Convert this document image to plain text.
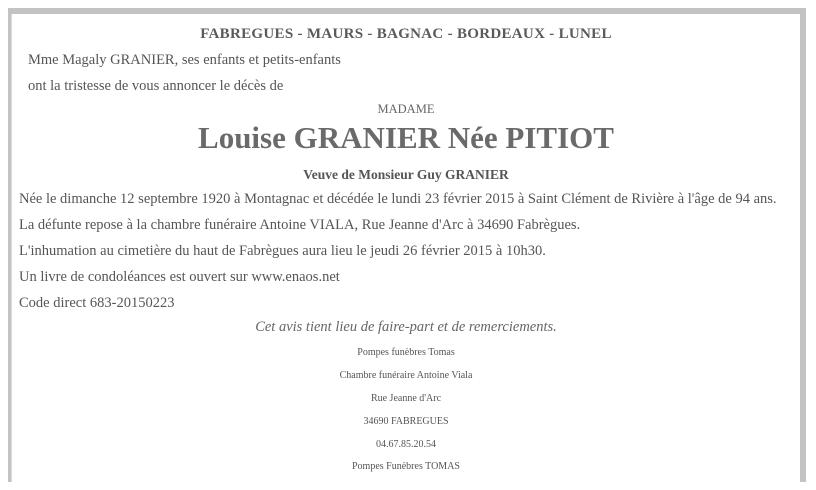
FABREGUES - MAURS - BAGNAC - BORDEAUX - LUNEL
Mme Magaly GRANIER, ses enfants et petits-enfants
ont la tristesse de vous annoncer le décès de
MADAME
Louise GRANIER Née PITIOT
Veuve de Monsieur Guy GRANIER
Née le dimanche 12 septembre 1920 à Montagnac et décédée le lundi 23 février 2015 à Saint Clément de Rivière à l'âge de 94 ans.
La défunte repose à la chambre funéraire Antoine VIALA, Rue Jeanne d'Arc à 34690 Fabrègues.
L'inhumation au cimetière du haut de Fabrègues aura lieu le jeudi 26 février 2015 à 10h30.
Un livre de condoléances est ouvert sur www.enaos.net
Code direct 683-20150223
Cet avis tient lieu de faire-part et de remerciements.
Pompes funèbres Tomas
Chambre funéraire Antoine Viala
Rue Jeanne d'Arc
34690 FABREGUES
04.67.85.20.54
Pompes Funèbres TOMAS
